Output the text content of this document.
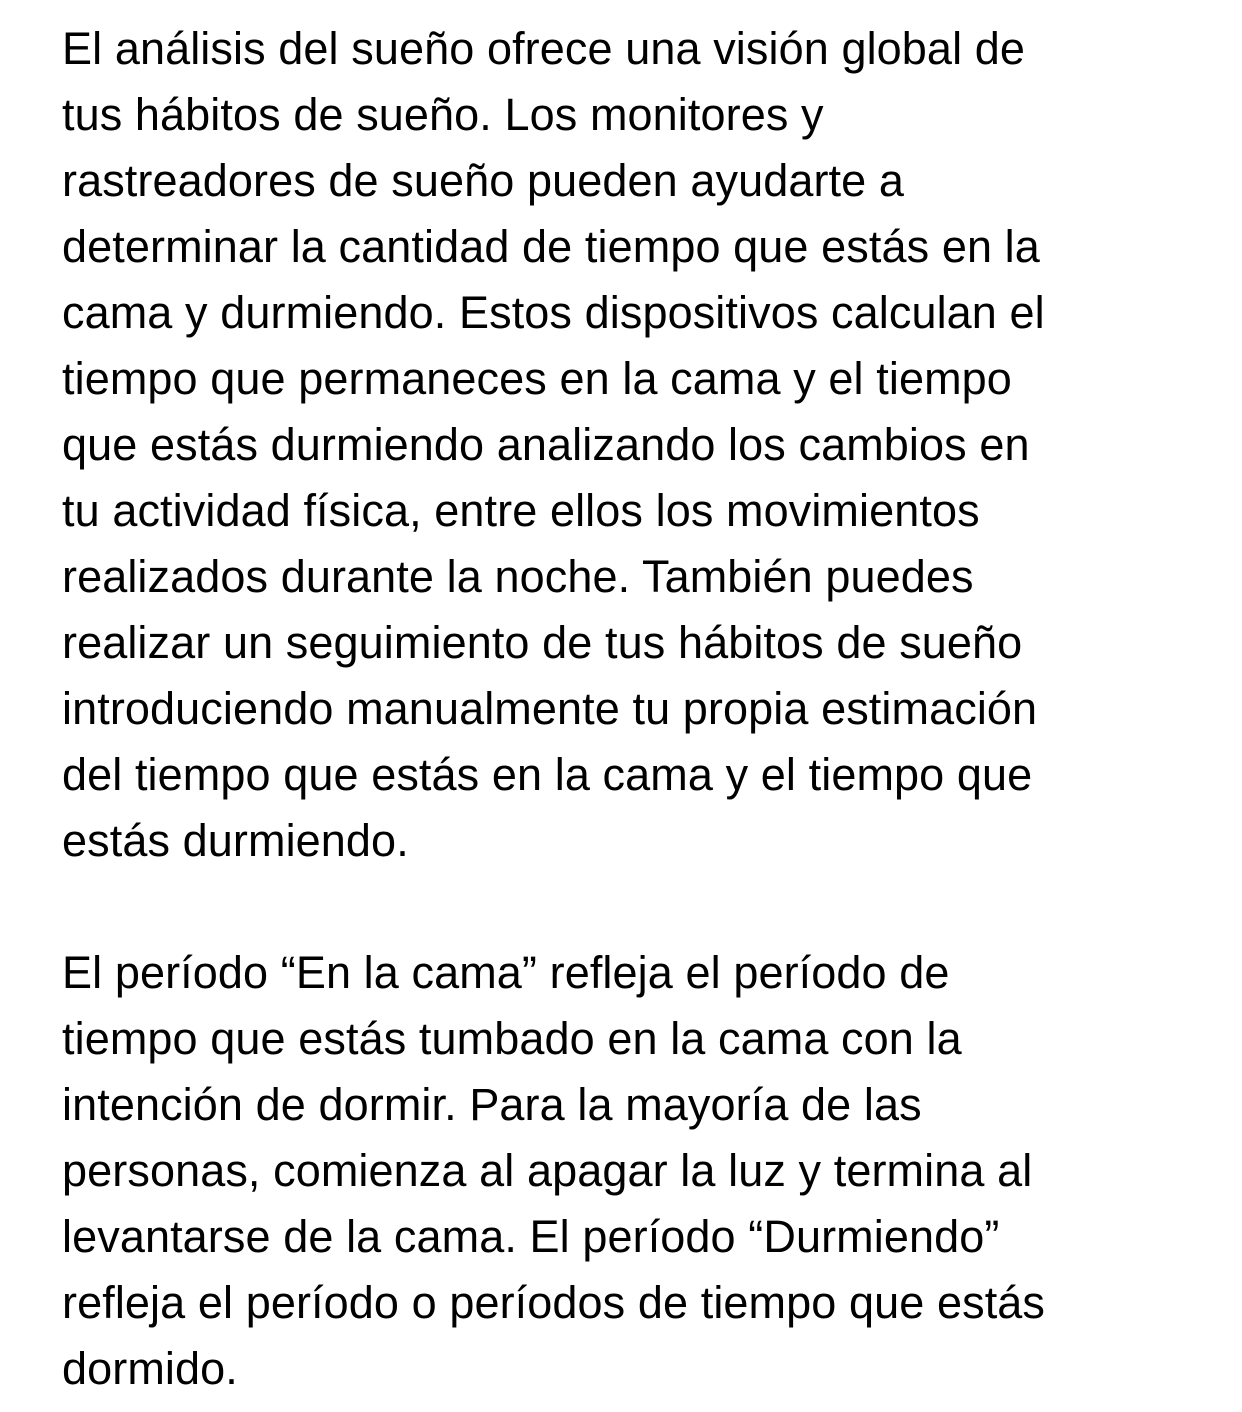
El análisis del sueño ofrece una visión global de
tus hábitos de sueño. Los monitores y
rastreadores de sueño pueden ayudarte a
determinar la cantidad de tiempo que estás en la
cama y durmiendo. Estos dispositivos calculan el
tiempo que permaneces en la cama y el tiempo
que estás durmiendo analizando los cambios en
tu actividad física, entre ellos los movimientos
realizados durante la noche. También puedes
realizar un seguimiento de tus hábitos de sueño
introduciendo manualmente tu propia estimación
del tiempo que estás en la cama y el tiempo que
estás durmiendo.

El período “En la cama” refleja el período de
tiempo que estás tumbado en la cama con la
intención de dormir. Para la mayoría de las
personas, comienza al apagar la luz y termina al
levantarse de la cama. El período “Durmiendo”
refleja el período o períodos de tiempo que estás
dormido.
